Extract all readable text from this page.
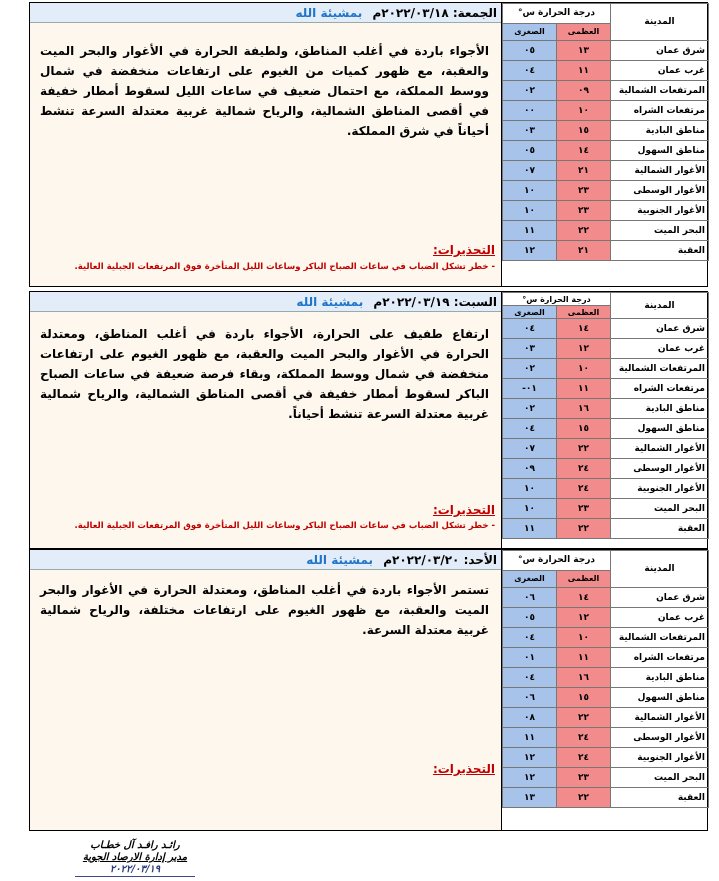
الجمعة: ٢٠٢٢/٠٣/١٨م بمشيئة الله
الأجواء باردة في أغلب المناطق، ولطيفة الحرارة في الأغوار والبحر الميت والعقبة، مع ظهور كميات من الغيوم على ارتفاعات منخفضة في شمال ووسط المملكة، مع احتمال ضعيف في ساعات الليل لسقوط أمطار خفيفة في أقصى المناطق الشمالية، والرياح شمالية غربية معتدلة السرعة تنشط أحياناً في شرق المملكة.
التحذيرات:
- خطر تشكل الضباب في ساعات الصباح الباكر وساعات الليل المتأخرة فوق المرتفعات الجبلية العالية.
المدينة	درجة الحرارة س°	
	العظمى	الصغرى
شرق عمان	١٣	٠٥
غرب عمان	١١	٠٤
المرتفعات الشمالية	٠٩	٠٢
مرتفعات الشراه	١٠	٠٠
مناطق البادية	١٥	٠٣
مناطق السهول	١٤	٠٥
الأغوار الشمالية	٢١	٠٧
الأغوار الوسطى	٢٣	١٠
الأغوار الجنوبية	٢٣	١٠
البحر الميت	٢٢	١١
العقبة	٢١	١٢
السبت: ٢٠٢٢/٠٣/١٩م بمشيئة الله
ارتفاع طفيف على الحرارة، الأجواء باردة في أغلب المناطق، ومعتدلة الحرارة في الأغوار والبحر الميت والعقبة، مع ظهور الغيوم على ارتفاعات منخفضة في شمال ووسط المملكة، وبقاء فرصة ضعيفة في ساعات الصباح الباكر لسقوط أمطار خفيفة في أقصى المناطق الشمالية، والرياح شمالية غربية معتدلة السرعة تنشط أحياناً.
التحذيرات:
- خطر تشكل الضباب في ساعات الصباح الباكر وساعات الليل المتأخرة فوق المرتفعات الجبلية العالية.
المدينة	درجة الحرارة س°	
	العظمى	الصغرى
شرق عمان	١٤	٠٤
غرب عمان	١٢	٠٣
المرتفعات الشمالية	١٠	٠٢
مرتفعات الشراه	١١	٠١-
مناطق البادية	١٦	٠٢
مناطق السهول	١٥	٠٤
الأغوار الشمالية	٢٢	٠٧
الأغوار الوسطى	٢٤	٠٩
الأغوار الجنوبية	٢٤	١٠
البحر الميت	٢٣	١٠
العقبة	٢٢	١١
الأحد: ٢٠٢٢/٠٣/٢٠م بمشيئة الله
تستمر الأجواء باردة في أغلب المناطق، ومعتدلة الحرارة في الأغوار والبحر الميت والعقبة، مع ظهور الغيوم على ارتفاعات مختلفة، والرياح شمالية غربية معتدلة السرعة.
التحذيرات:
المدينة	درجة الحرارة س°	
	العظمى	الصغرى
شرق عمان	١٤	٠٦
غرب عمان	١٢	٠٥
المرتفعات الشمالية	١٠	٠٤
مرتفعات الشراه	١١	٠١
مناطق البادية	١٦	٠٤
مناطق السهول	١٥	٠٦
الأغوار الشمالية	٢٢	٠٨
الأغوار الوسطى	٢٤	١١
الأغوار الجنوبية	٢٤	١٢
البحر الميت	٢٣	١٢
العقبة	٢٢	١٣
رائـد رافـد آل خطـاب
مدير إدارة الارصاد الجوية
٢٠٢٢/٠٣/١٩
